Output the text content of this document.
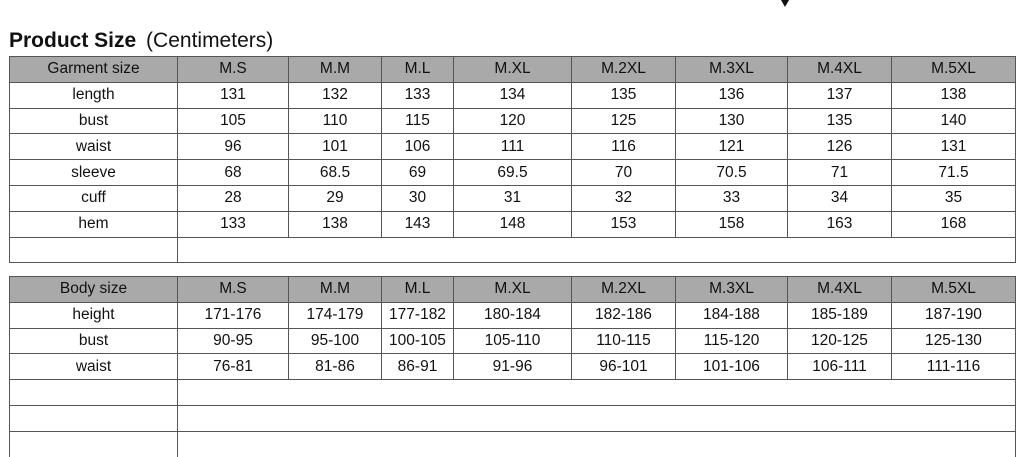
Product Size (Centimeters)
Garment size	M.S	M.M	M.L	M.XL	M.2XL	M.3XL	M.4XL	M.5XL
length	131	132	133	134	135	136	137	138
bust	105	110	115	120	125	130	135	140
waist	96	101	106	111	116	121	126	131
sleeve	68	68.5	69	69.5	70	70.5	71	71.5
cuff	28	29	30	31	32	33	34	35
hem	133	138	143	148	153	158	163	168

Body size	M.S	M.M	M.L	M.XL	M.2XL	M.3XL	M.4XL	M.5XL
height	171-176	174-179	177-182	180-184	182-186	184-188	185-189	187-190
bust	90-95	95-100	100-105	105-110	110-115	115-120	120-125	125-130
waist	76-81	81-86	86-91	91-96	96-101	101-106	106-111	111-116
